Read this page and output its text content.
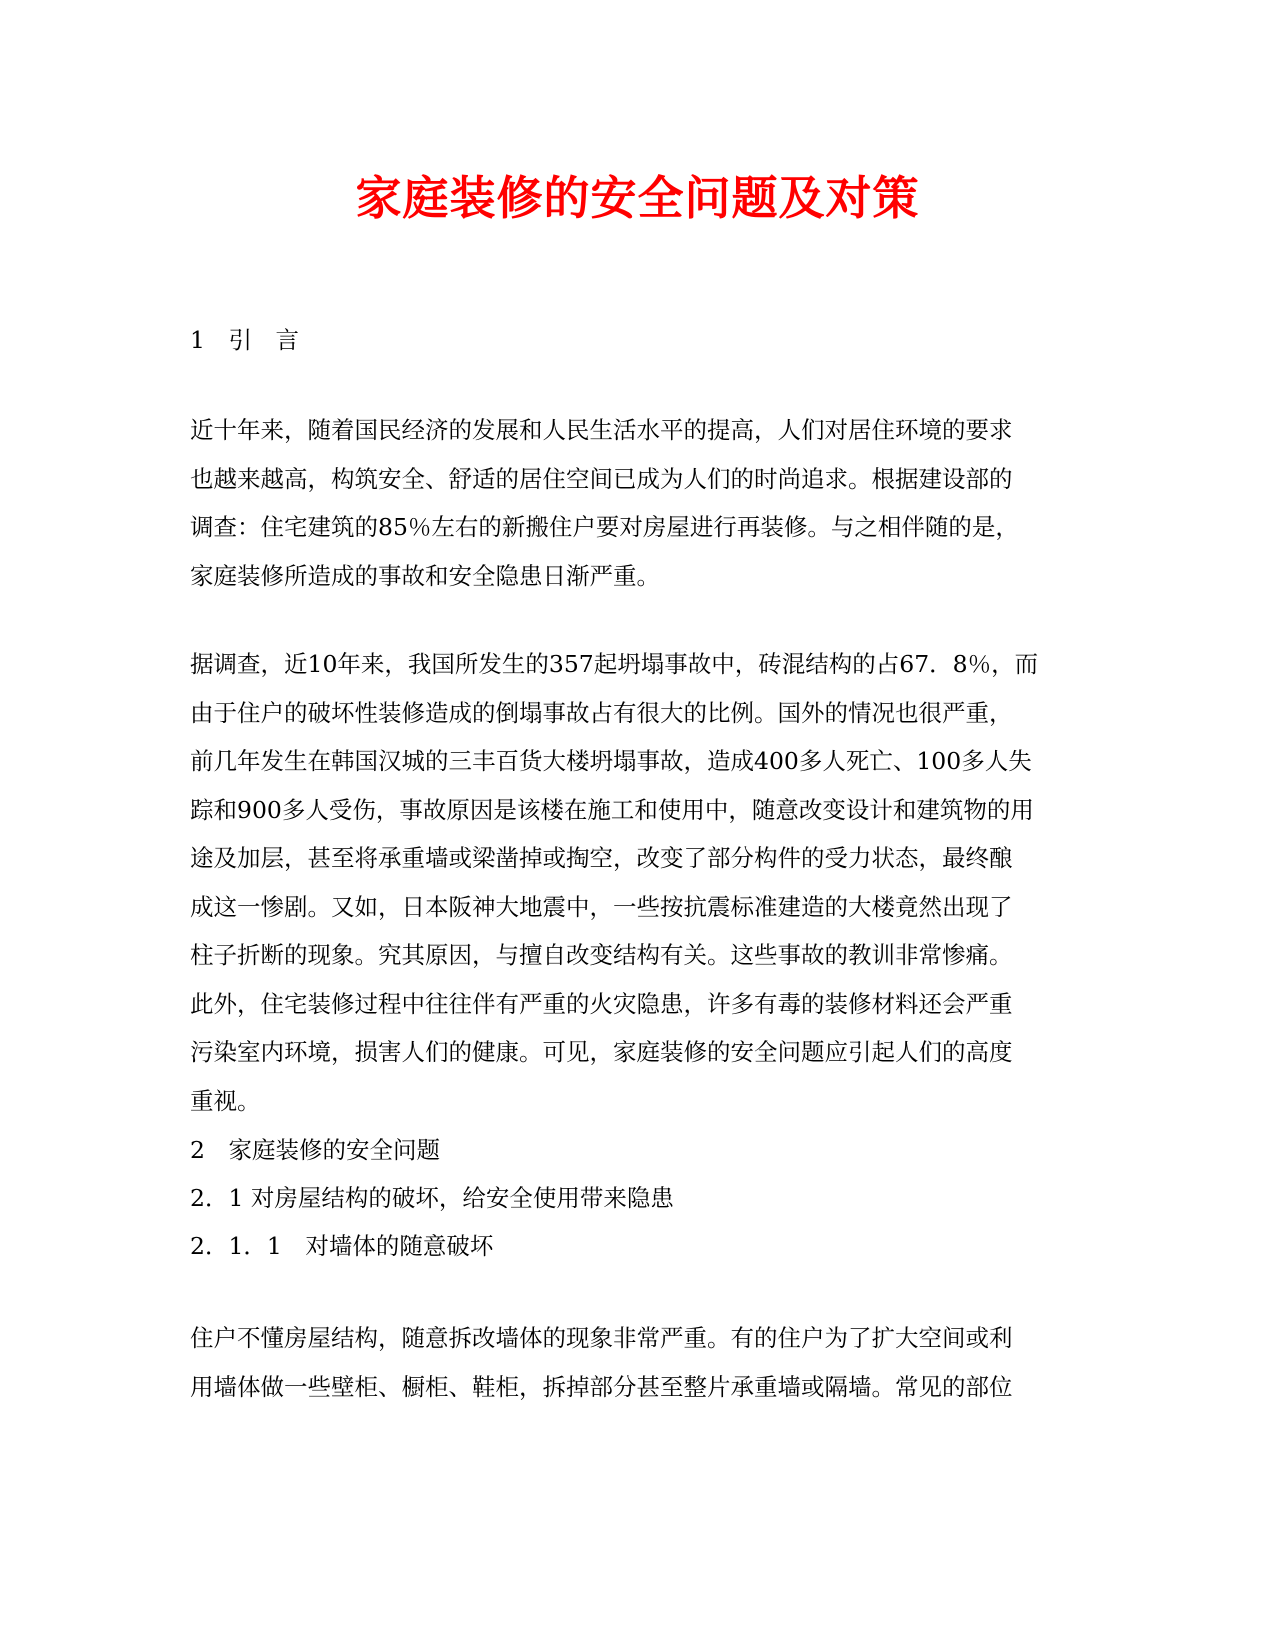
家庭装修的安全问题及对策
1　引　言
近十年来，随着国民经济的发展和人民生活水平的提高，人们对居住环境的要求
也越来越高，构筑安全、舒适的居住空间已成为人们的时尚追求。根据建设部的
调查：住宅建筑的85％左右的新搬住户要对房屋进行再装修。与之相伴随的是，
家庭装修所造成的事故和安全隐患日渐严重。
据调查，近10年来，我国所发生的357起坍塌事故中，砖混结构的占67．8％，而
由于住户的破坏性装修造成的倒塌事故占有很大的比例。国外的情况也很严重，
前几年发生在韩国汉城的三丰百货大楼坍塌事故，造成400多人死亡、100多人失
踪和900多人受伤，事故原因是该楼在施工和使用中，随意改变设计和建筑物的用
途及加层，甚至将承重墙或梁凿掉或掏空，改变了部分构件的受力状态，最终酿
成这一惨剧。又如，日本阪神大地震中，一些按抗震标准建造的大楼竟然出现了
柱子折断的现象。究其原因，与擅自改变结构有关。这些事故的教训非常惨痛。
此外，住宅装修过程中往往伴有严重的火灾隐患，许多有毒的装修材料还会严重
污染室内环境，损害人们的健康。可见，家庭装修的安全问题应引起人们的高度
重视。
2　家庭装修的安全问题
2．1 对房屋结构的破坏，给安全使用带来隐患
2．1．1　对墙体的随意破坏
住户不懂房屋结构，随意拆改墙体的现象非常严重。有的住户为了扩大空间或利
用墙体做一些壁柜、橱柜、鞋柜，拆掉部分甚至整片承重墙或隔墙。常见的部位
